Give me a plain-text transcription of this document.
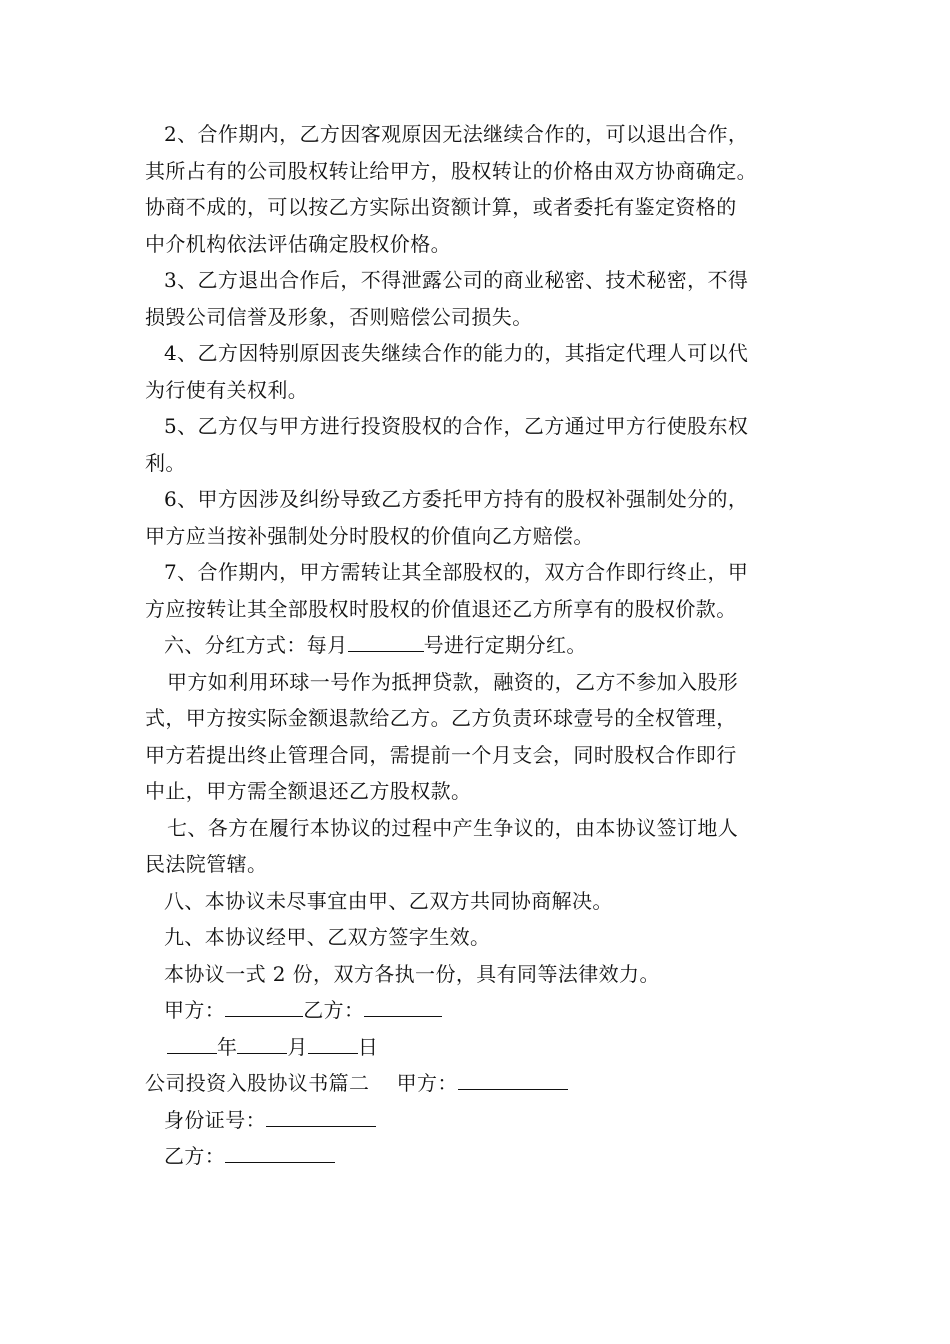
2、合作期内，乙方因客观原因无法继续合作的，可以退出合作，
其所占有的公司股权转让给甲方，股权转让的价格由双方协商确定。
协商不成的，可以按乙方实际出资额计算，或者委托有鉴定资格的
中介机构依法评估确定股权价格。

3、乙方退出合作后，不得泄露公司的商业秘密、技术秘密，不得
损毁公司信誉及形象，否则赔偿公司损失。

4、乙方因特别原因丧失继续合作的能力的，其指定代理人可以代
为行使有关权利。

5、乙方仅与甲方进行投资股权的合作，乙方通过甲方行使股东权
利。

6、甲方因涉及纠纷导致乙方委托甲方持有的股权补强制处分的，
甲方应当按补强制处分时股权的价值向乙方赔偿。

7、合作期内，甲方需转让其全部股权的，双方合作即行终止，甲
方应按转让其全部股权时股权的价值退还乙方所享有的股权价款。

六、分红方式：每月	号进行定期分红。

甲方如利用环球一号作为抵押贷款，融资的，乙方不参加入股形
式，甲方按实际金额退款给乙方。乙方负责环球壹号的全权管理，
甲方若提出终止管理合同，需提前一个月支会，同时股权合作即行
中止，甲方需全额退还乙方股权款。

七、各方在履行本协议的过程中产生争议的，由本协议签订地人
民法院管辖。

八、本协议未尽事宜由甲、乙双方共同协商解决。

九、本协议经甲、乙双方签字生效。

本协议一式 2 份，双方各执一份，具有同等法律效力。

甲方：	乙方：

年	月	日

公司投资入股协议书篇二　 甲方：

身份证号：

乙方：
